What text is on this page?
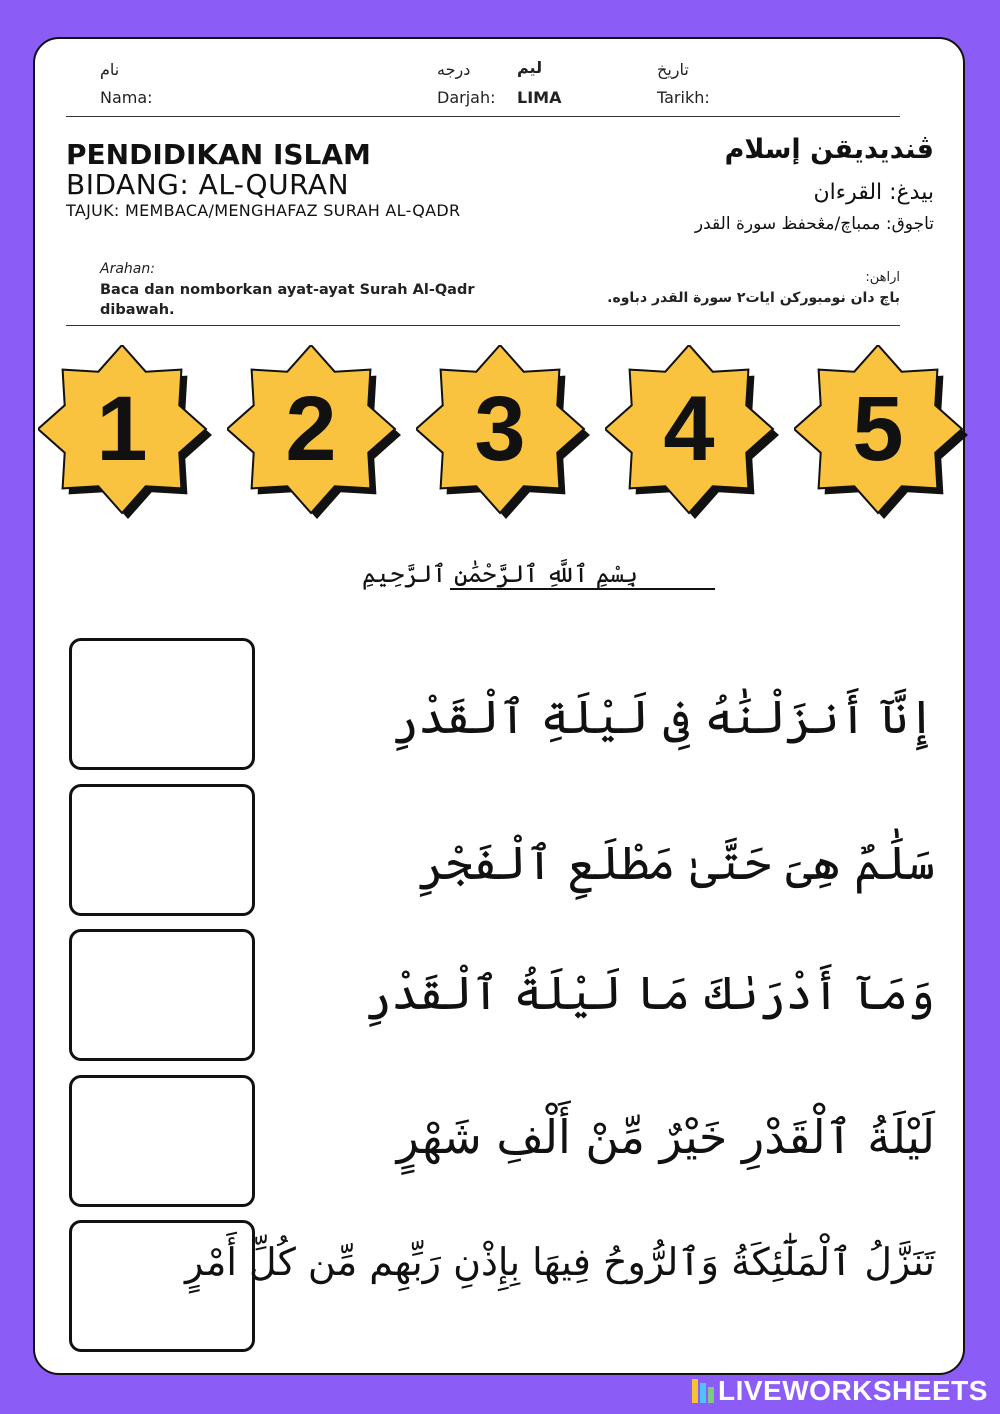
نام
Nama:
درجه
Darjah:
ليم
LIMA
تاريخ
Tarikh:
PENDIDIKAN ISLAM
BIDANG: AL-QURAN
TAJUK: MEMBACA/MENGHAFAZ SURAH AL-QADR
ڤنديديقن إسلام
بيدغ: القرءان
تاجوق: ممباچ/مڠحفظ سورة القدر
Arahan:
Baca dan nomborkan ayat-ayat Surah Al-Qadr dibawah.
اراهن:
باچ دان نومبوركن ايات٢ سورة القدر دباوه.
1	2	3	4	5
بِسْمِ ٱللَّهِ ٱلرَّحْمَٰنِ ٱلرَّحِيمِ
إِنَّآ أَنزَلْنَٰهُ فِى لَيْلَةِ ٱلْقَدْرِ
سَلَٰمٌ هِىَ حَتَّىٰ مَطْلَعِ ٱلْفَجْرِ
وَمَآ أَدْرَىٰكَ مَا لَيْلَةُ ٱلْقَدْرِ
لَيْلَةُ ٱلْقَدْرِ خَيْرٌ مِّنْ أَلْفِ شَهْرٍ
تَنَزَّلُ ٱلْمَلَٰٓئِكَةُ وَٱلرُّوحُ فِيهَا بِإِذْنِ رَبِّهِم مِّن كُلِّ أَمْرٍ
LIVEWORKSHEETS
